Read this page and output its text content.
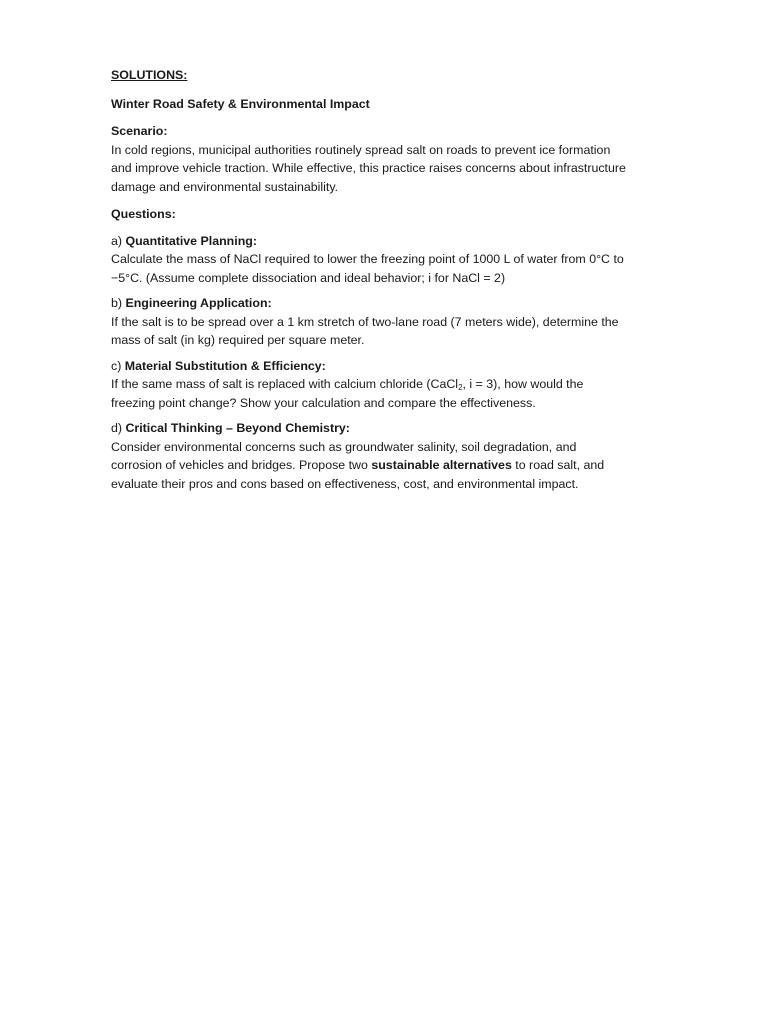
SOLUTIONS:

Winter Road Safety & Environmental Impact

Scenario:

In cold regions, municipal authorities routinely spread salt on roads to prevent ice formation and improve vehicle traction. While effective, this practice raises concerns about infrastructure damage and environmental sustainability.

Questions:

a) Quantitative Planning:

Calculate the mass of NaCl required to lower the freezing point of 1000 L of water from 0°C to −5°C. (Assume complete dissociation and ideal behavior; i for NaCl = 2)

b) Engineering Application:

If the salt is to be spread over a 1 km stretch of two-lane road (7 meters wide), determine the mass of salt (in kg) required per square meter.

c) Material Substitution & Efficiency:

If the same mass of salt is replaced with calcium chloride (CaCl$_2$, i = 3), how would the freezing point change? Show your calculation and compare the effectiveness.

d) Critical Thinking – Beyond Chemistry:

Consider environmental concerns such as groundwater salinity, soil degradation, and corrosion of vehicles and bridges. Propose two sustainable alternatives to road salt, and evaluate their pros and cons based on effectiveness, cost, and environmental impact.
